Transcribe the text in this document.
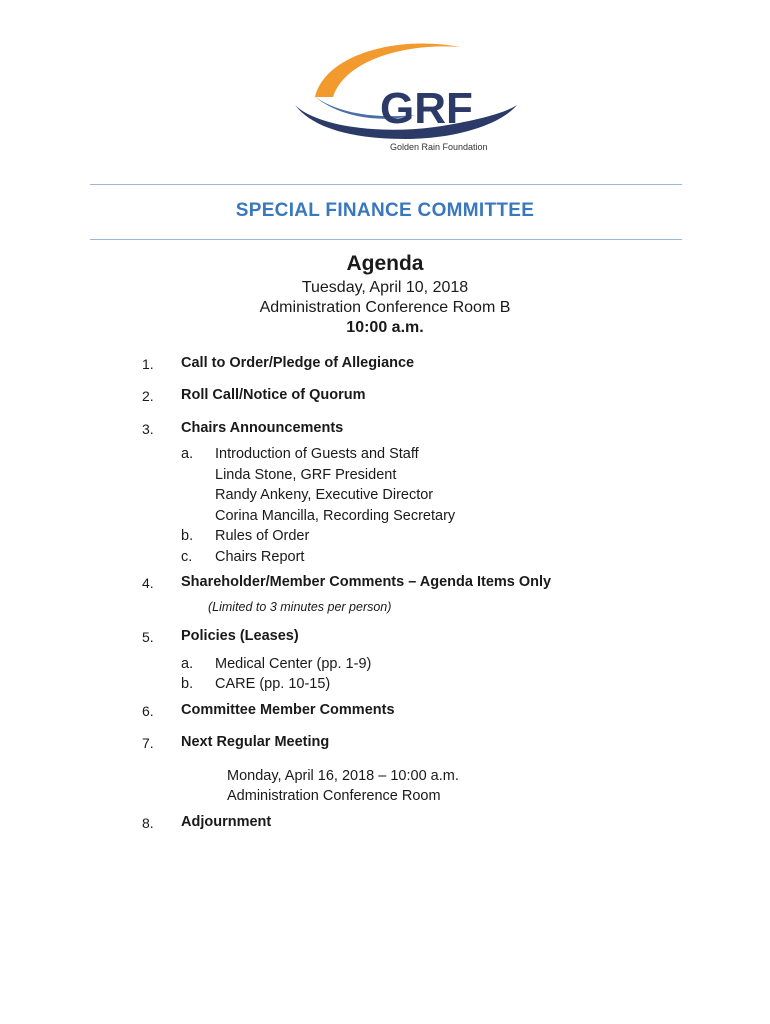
GRF
Golden Rain Foundation
SPECIAL FINANCE COMMITTEE
Agenda
Tuesday, April 10, 2018
Administration Conference Room B
10:00 a.m.
1. Call to Order/Pledge of Allegiance
2. Roll Call/Notice of Quorum
3. Chairs Announcements
a. Introduction of Guests and Staff
Linda Stone, GRF President
Randy Ankeny, Executive Director
Corina Mancilla, Recording Secretary
b. Rules of Order
c. Chairs Report
4. Shareholder/Member Comments – Agenda Items Only
(Limited to 3 minutes per person)
5. Policies (Leases)
a. Medical Center (pp. 1-9)
b. CARE (pp. 10-15)
6. Committee Member Comments
7. Next Regular Meeting
Monday, April 16, 2018 – 10:00 a.m.
Administration Conference Room
8. Adjournment
